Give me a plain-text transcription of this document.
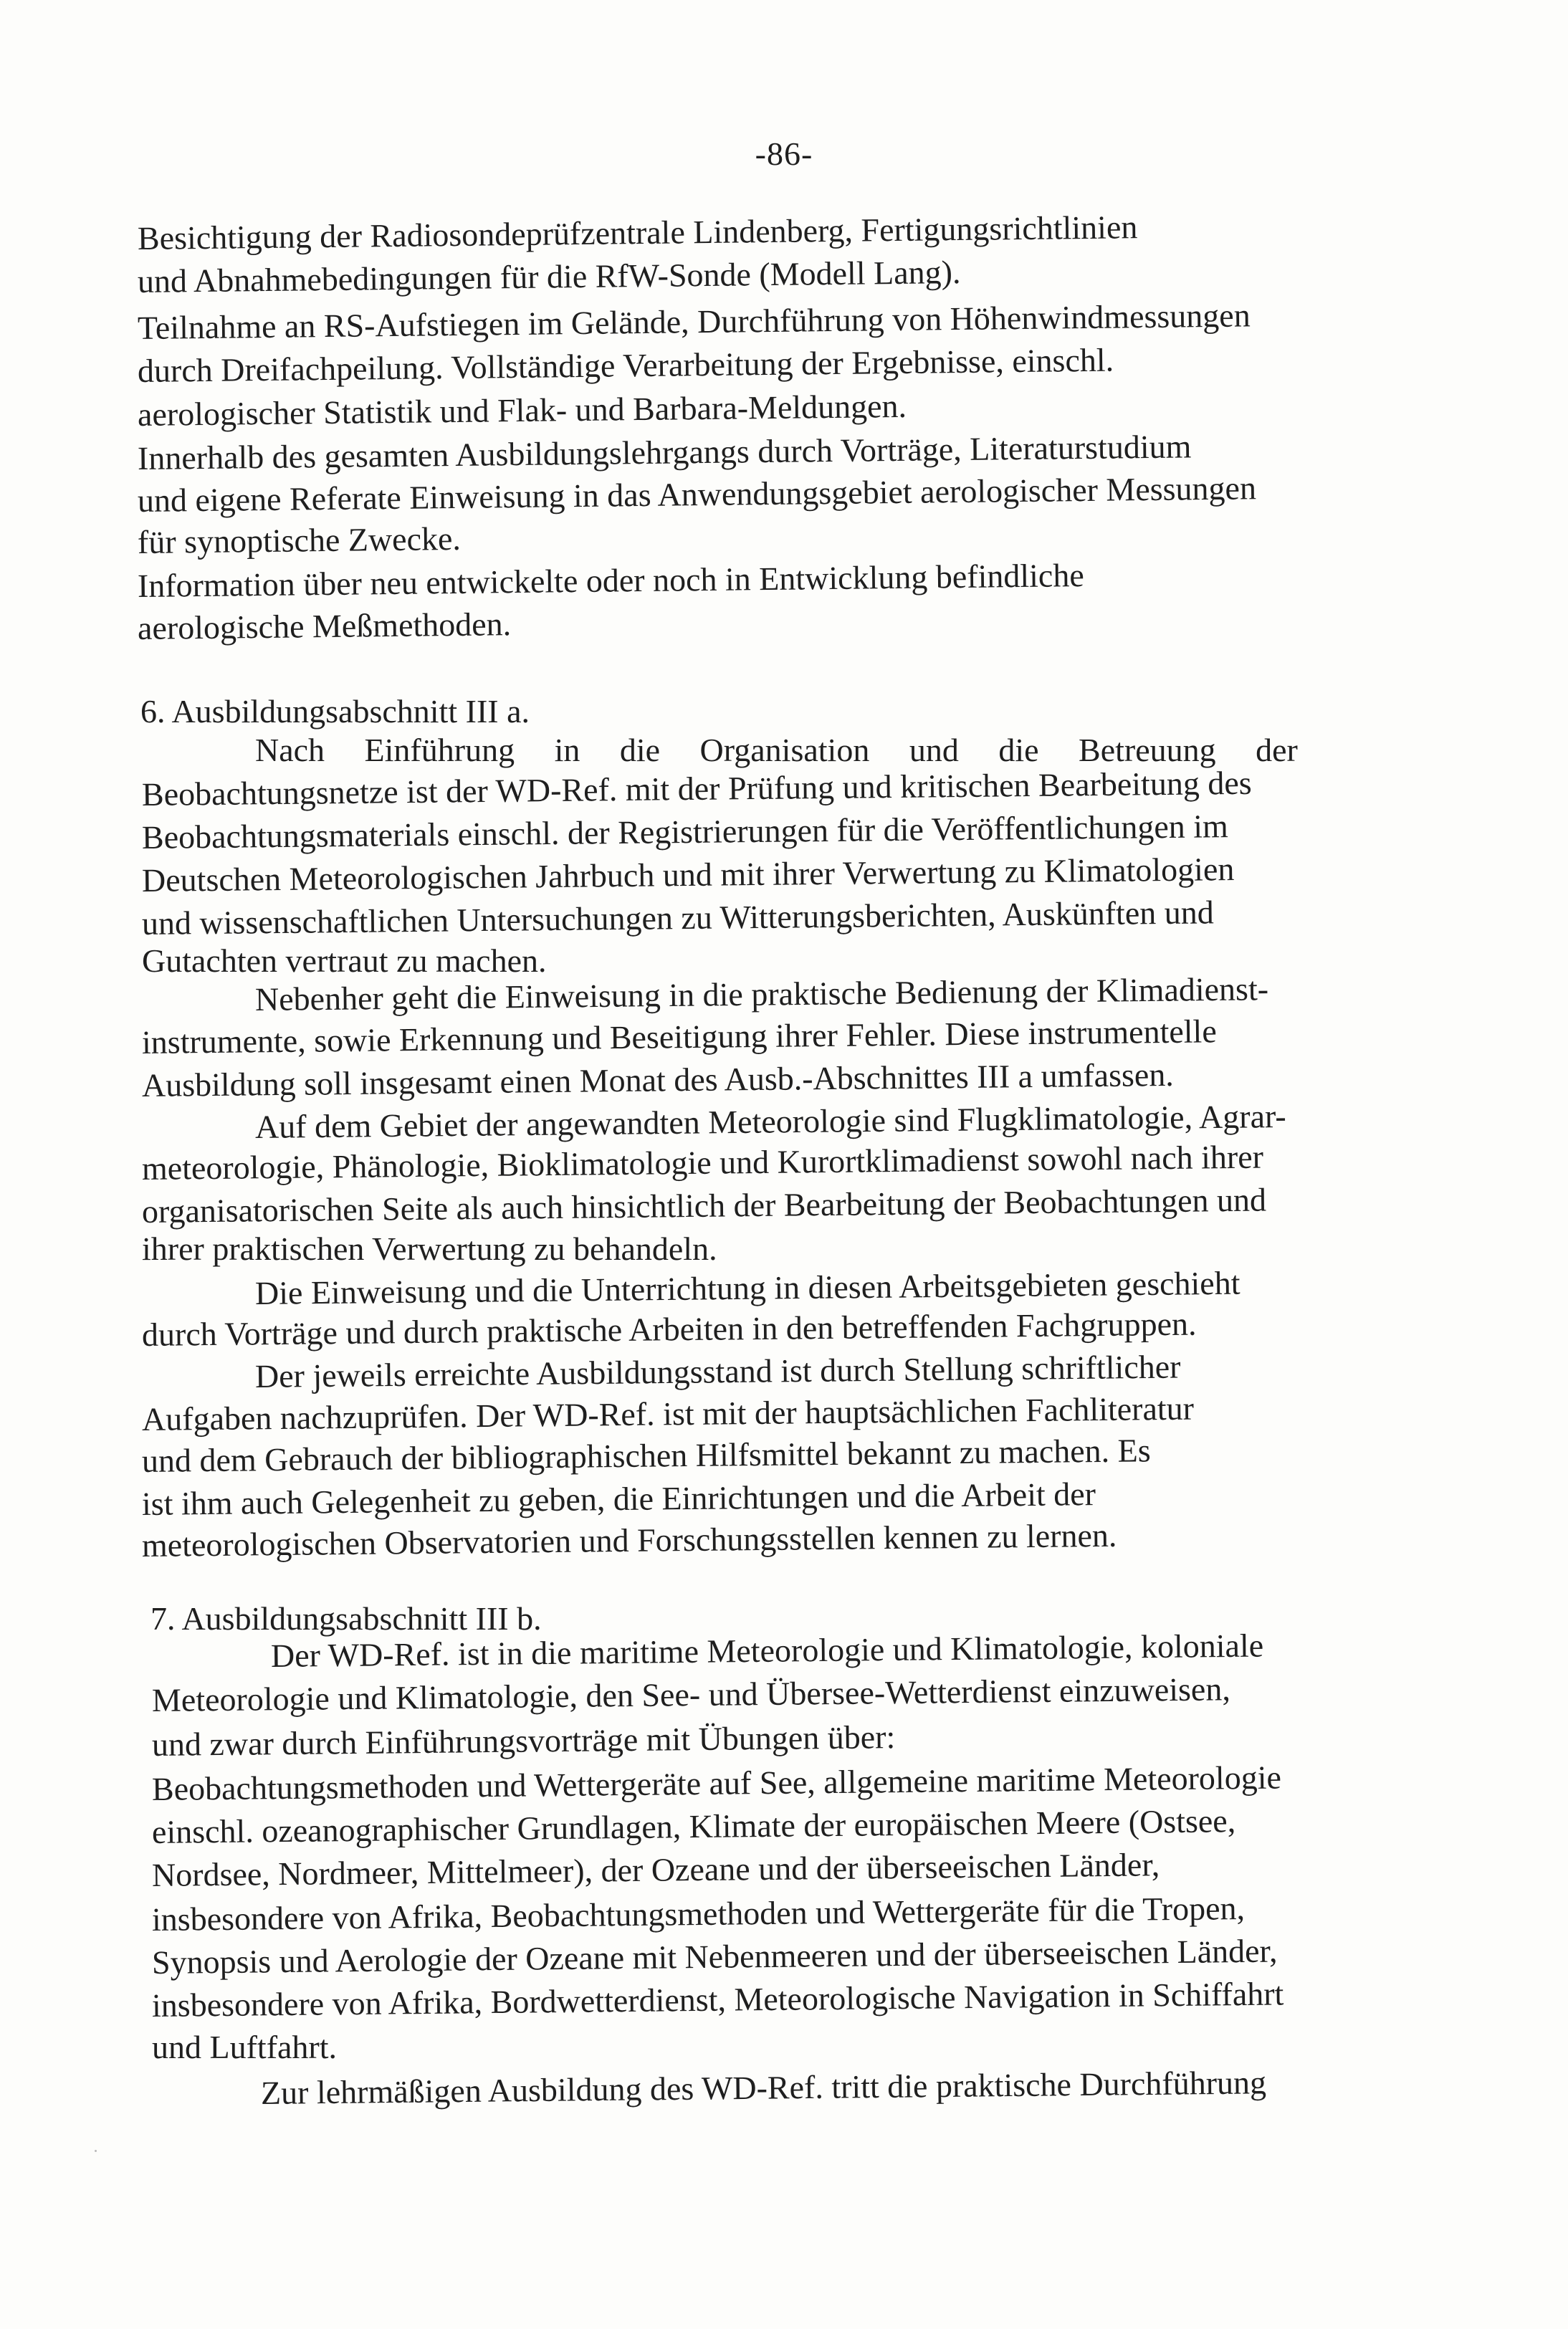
-86-
Besichtigung der Radiosondeprüfzentrale Lindenberg, Fertigungsrichtlinien
und Abnahmebedingungen für die RfW-Sonde (Modell Lang).
Teilnahme an RS-Aufstiegen im Gelände, Durchführung von Höhenwindmessungen
durch Dreifachpeilung. Vollständige Verarbeitung der Ergebnisse, einschl.
aerologischer Statistik und Flak- und Barbara-Meldungen.
Innerhalb des gesamten Ausbildungslehrgangs durch Vorträge, Literaturstudium
und eigene Referate Einweisung in das Anwendungsgebiet aerologischer Messungen
für synoptische Zwecke.
Information über neu entwickelte oder noch in Entwicklung befindliche
aerologische Meßmethoden.
6. Ausbildungsabschnitt III a.
Nach Einführung in die Organisation und die Betreuung der
Beobachtungsnetze ist der WD-Ref. mit der Prüfung und kritischen Bearbeitung des
Beobachtungsmaterials einschl. der Registrierungen für die Veröffentlichungen im
Deutschen Meteorologischen Jahrbuch und mit ihrer Verwertung zu Klimatologien
und wissenschaftlichen Untersuchungen zu Witterungsberichten, Auskünften und
Gutachten vertraut zu machen.
Nebenher geht die Einweisung in die praktische Bedienung der Klimadienst-
instrumente, sowie Erkennung und Beseitigung ihrer Fehler. Diese instrumentelle
Ausbildung soll insgesamt einen Monat des Ausb.-Abschnittes III a umfassen.
Auf dem Gebiet der angewandten Meteorologie sind Flugklimatologie, Agrar-
meteorologie, Phänologie, Bioklimatologie und Kurortklimadienst sowohl nach ihrer
organisatorischen Seite als auch hinsichtlich der Bearbeitung der Beobachtungen und
ihrer praktischen Verwertung zu behandeln.
Die Einweisung und die Unterrichtung in diesen Arbeitsgebieten geschieht
durch Vorträge und durch praktische Arbeiten in den betreffenden Fachgruppen.
Der jeweils erreichte Ausbildungsstand ist durch Stellung schriftlicher
Aufgaben nachzuprüfen. Der WD-Ref. ist mit der hauptsächlichen Fachliteratur
und dem Gebrauch der bibliographischen Hilfsmittel bekannt zu machen. Es
ist ihm auch Gelegenheit zu geben, die Einrichtungen und die Arbeit der
meteorologischen Observatorien und Forschungsstellen kennen zu lernen.
7. Ausbildungsabschnitt III b.
Der WD-Ref. ist in die maritime Meteorologie und Klimatologie, koloniale
Meteorologie und Klimatologie, den See- und Übersee-Wetterdienst einzuweisen,
und zwar durch Einführungsvorträge mit Übungen über:
Beobachtungsmethoden und Wettergeräte auf See, allgemeine maritime Meteorologie
einschl. ozeanographischer Grundlagen, Klimate der europäischen Meere (Ostsee,
Nordsee, Nordmeer, Mittelmeer), der Ozeane und der überseeischen Länder,
insbesondere von Afrika, Beobachtungsmethoden und Wettergeräte für die Tropen,
Synopsis und Aerologie der Ozeane mit Nebenmeeren und der überseeischen Länder,
insbesondere von Afrika, Bordwetterdienst, Meteorologische Navigation in Schiffahrt
und Luftfahrt.
Zur lehrmäßigen Ausbildung des WD-Ref. tritt die praktische Durchführung
